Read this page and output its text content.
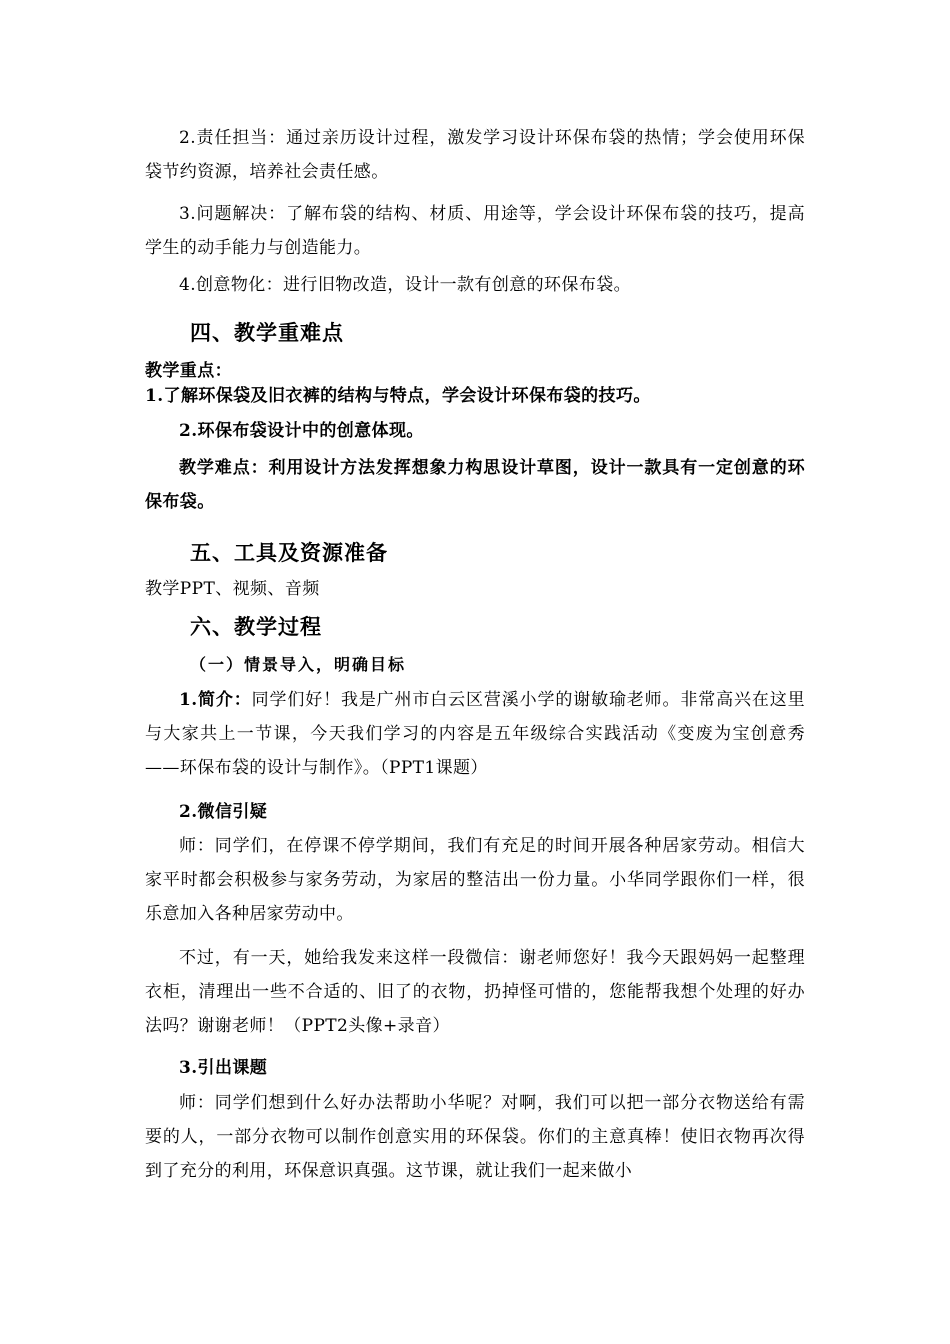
2.责任担当：通过亲历设计过程，激发学习设计环保布袋的热情；学会使用环保袋节约资源，培养社会责任感。

3.问题解决：了解布袋的结构、材质、用途等，学会设计环保布袋的技巧，提高学生的动手能力与创造能力。

4.创意物化：进行旧物改造，设计一款有创意的环保布袋。

四、教学重难点

教学重点：

1.了解环保袋及旧衣裤的结构与特点，学会设计环保布袋的技巧。

2.环保布袋设计中的创意体现。

教学难点：利用设计方法发挥想象力构思设计草图，设计一款具有一定创意的环保布袋。

五、工具及资源准备

教学PPT、视频、音频

六、教学过程

（一）情景导入，明确目标

1.简介：同学们好！我是广州市白云区营溪小学的谢敏瑜老师。非常高兴在这里与大家共上一节课，今天我们学习的内容是五年级综合实践活动《变废为宝创意秀——环保布袋的设计与制作》。（PPT1课题）

2.微信引疑

师：同学们，在停课不停学期间，我们有充足的时间开展各种居家劳动。相信大家平时都会积极参与家务劳动，为家居的整洁出一份力量。小华同学跟你们一样，很乐意加入各种居家劳动中。

不过，有一天，她给我发来这样一段微信：谢老师您好！我今天跟妈妈一起整理衣柜，清理出一些不合适的、旧了的衣物，扔掉怪可惜的，您能帮我想个处理的好办法吗？谢谢老师！（PPT2头像+录音）

3.引出课题

师：同学们想到什么好办法帮助小华呢？对啊，我们可以把一部分衣物送给有需要的人，一部分衣物可以制作创意实用的环保袋。你们的主意真棒！使旧衣物再次得到了充分的利用，环保意识真强。这节课，就让我们一起来做小
